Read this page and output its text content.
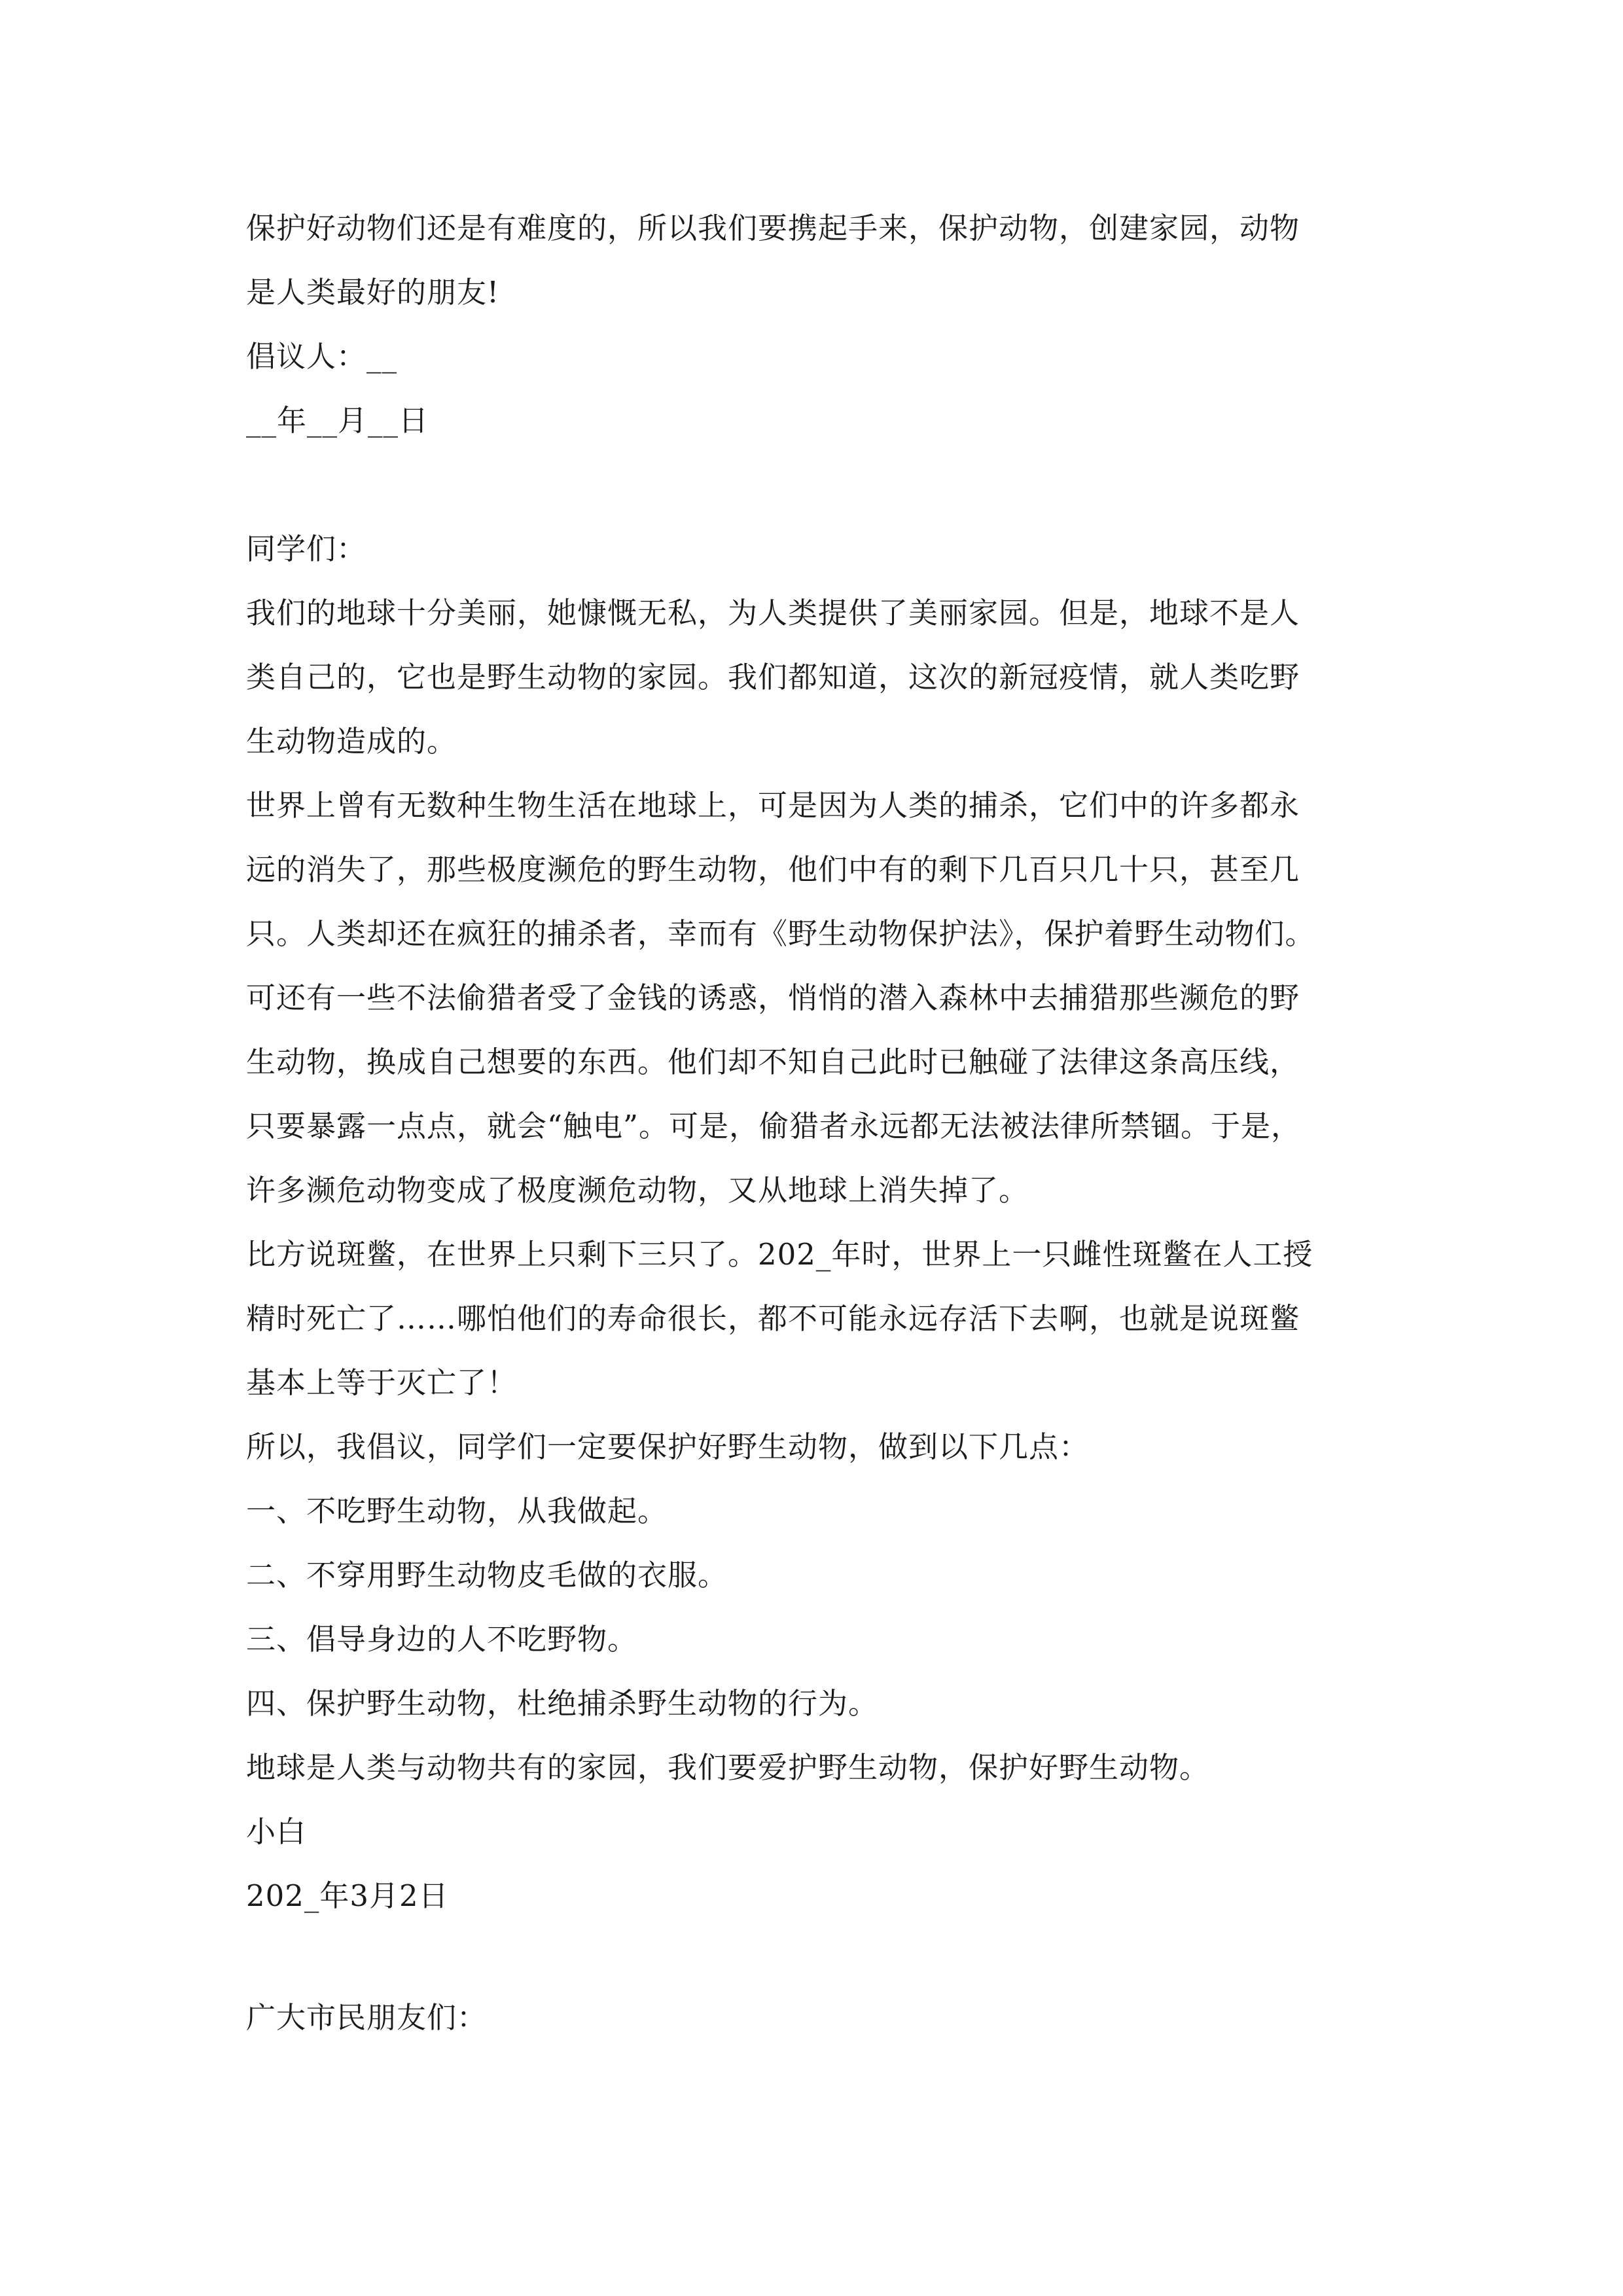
保护好动物们还是有难度的，所以我们要携起手来，保护动物，创建家园，动物
是人类最好的朋友!

倡议人：__
__年__月__日
同学们：

我们的地球十分美丽，她慷慨无私，为人类提供了美丽家园。但是，地球不是人
类自己的，它也是野生动物的家园。我们都知道，这次的新冠疫情，就人类吃野
生动物造成的。

世界上曾有无数种生物生活在地球上，可是因为人类的捕杀，它们中的许多都永
远的消失了，那些极度濒危的野生动物，他们中有的剩下几百只几十只，甚至几
只。人类却还在疯狂的捕杀者，幸而有《野生动物保护法》，保护着野生动物们。
可还有一些不法偷猎者受了金钱的诱惑，悄悄的潜入森林中去捕猎那些濒危的野
生动物，换成自己想要的东西。他们却不知自己此时已触碰了法律这条高压线，
只要暴露一点点，就会“触电”。可是，偷猎者永远都无法被法律所禁锢。于是，
许多濒危动物变成了极度濒危动物，又从地球上消失掉了。

比方说斑鳖，在世界上只剩下三只了。202_年时，世界上一只雌性斑鳖在人工授
精时死亡了……哪怕他们的寿命很长，都不可能永远存活下去啊，也就是说斑鳖
基本上等于灭亡了！

所以，我倡议，同学们一定要保护好野生动物，做到以下几点：
一、不吃野生动物，从我做起。
二、不穿用野生动物皮毛做的衣服。
三、倡导身边的人不吃野物。
四、保护野生动物，杜绝捕杀野生动物的行为。
地球是人类与动物共有的家园，我们要爱护野生动物，保护好野生动物。
小白
202_年3月2日
广大市民朋友们：
